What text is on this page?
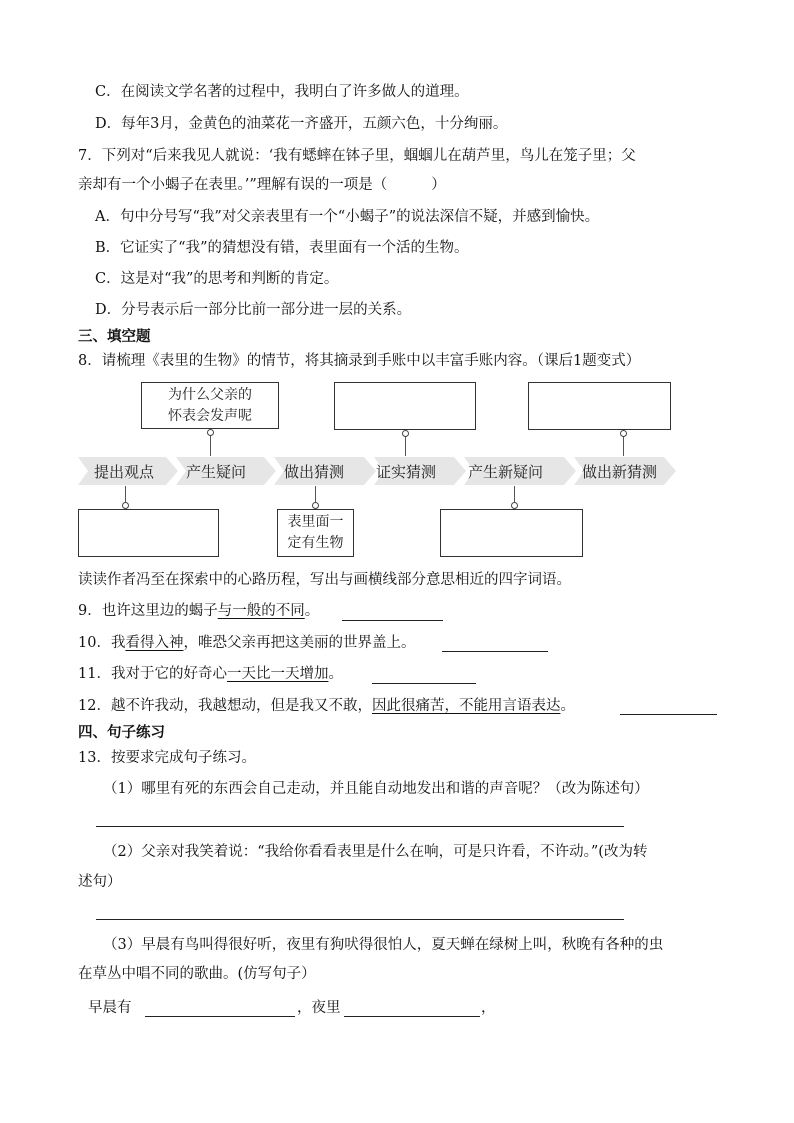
C．在阅读文学名著的过程中，我明白了许多做人的道理。
D．每年3月，金黄色的油菜花一齐盛开，五颜六色，十分绚丽。
7．下列对“后来我见人就说：‘我有蟋蟀在钵子里，蝈蝈儿在葫芦里，鸟儿在笼子里；父
亲却有一个小蝎子在表里。’”理解有误的一项是（	）
A．句中分号写“我”对父亲表里有一个“小蝎子”的说法深信不疑，并感到愉快。
B．它证实了“我”的猜想没有错，表里面有一个活的生物。
C．这是对“我”的思考和判断的肯定。
D．分号表示后一部分比前一部分进一层的关系。
三、填空题
8．请梳理《表里的生物》的情节，将其摘录到手账中以丰富手账内容。（课后1题变式）
提出观点 产生疑问	做出猜测 证实猜测 产生新疑问	做出新猜测
为什么父亲的
怀表会发声呢
表里面一
定有生物
读读作者冯至在探索中的心路历程，写出与画横线部分意思相近的四字词语。
9．也许这里边的蝎子与一般的不同。
10．我看得入神，唯恐父亲再把这美丽的世界盖上。
11．我对于它的好奇心一天比一天增加。
12．越不许我动，我越想动，但是我又不敢，因此很痛苦，不能用言语表达。
四、句子练习
13．按要求完成句子练习。
（1）哪里有死的东西会自己走动，并且能自动地发出和谐的声音呢？（改为陈述句）
（2）父亲对我笑着说：“我给你看看表里是什么在响，可是只许看，不许动。”(改为转
述句）
（3）早晨有鸟叫得很好听，夜里有狗吠得很怕人，夏天蝉在绿树上叫，秋晚有各种的虫
在草丛中唱不同的歌曲。(仿写句子）
早晨有	，夜里	，
